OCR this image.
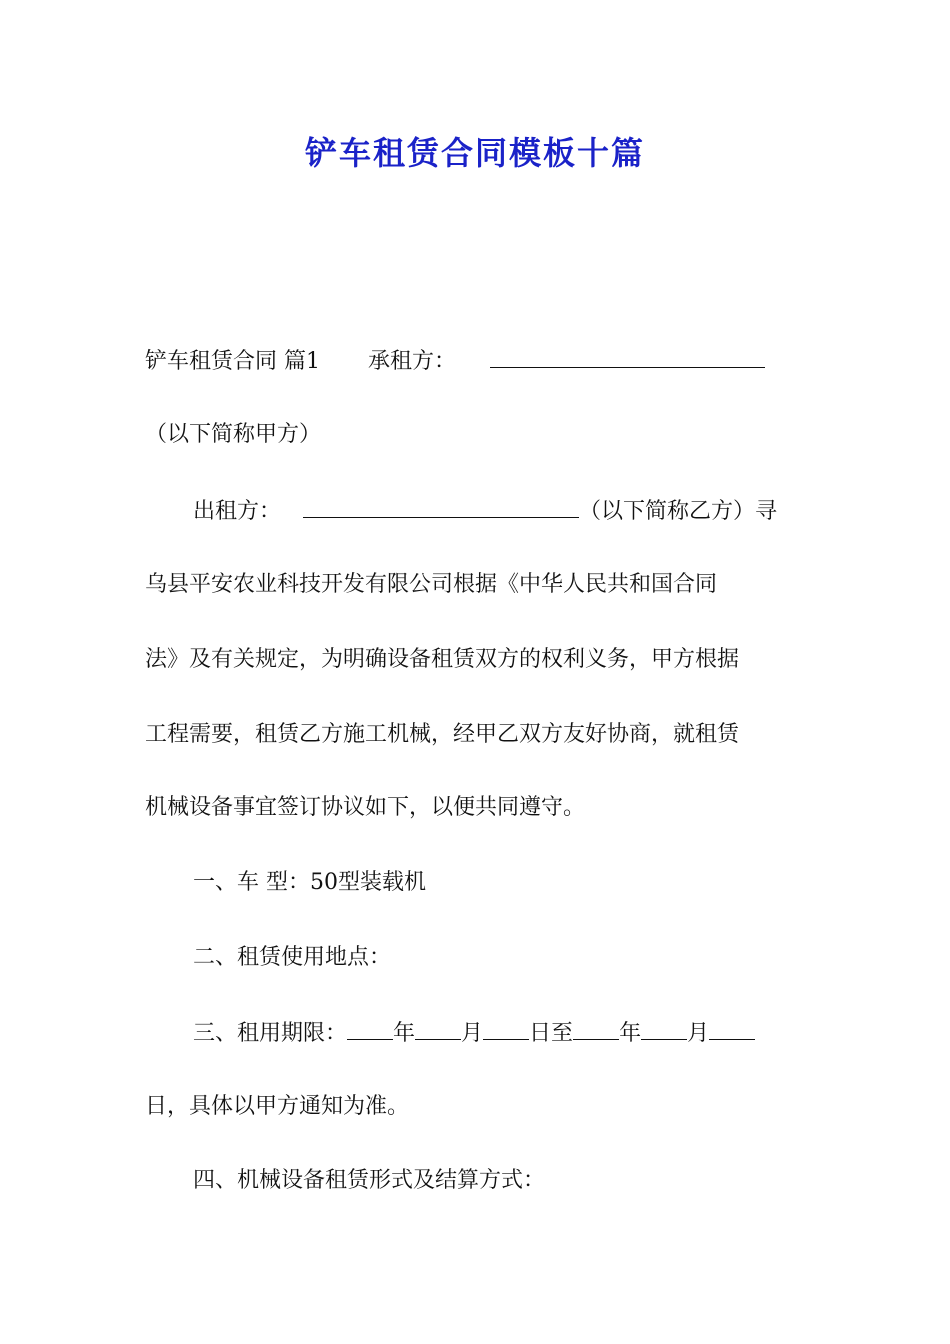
铲车租赁合同模板十篇
铲车租赁合同 篇1 承租方：
（以下简称甲方）
出租方：	（以下简称乙方）寻
乌县平安农业科技开发有限公司根据《中华人民共和国合同
法》及有关规定，为明确设备租赁双方的权利义务，甲方根据
工程需要，租赁乙方施工机械，经甲乙双方友好协商，就租赁
机械设备事宜签订协议如下，以便共同遵守。
一、车 型：50型装载机
二、租赁使用地点：
三、租用期限： 年 月 日至 年 月
日，具体以甲方通知为准。
四、机械设备租赁形式及结算方式：
